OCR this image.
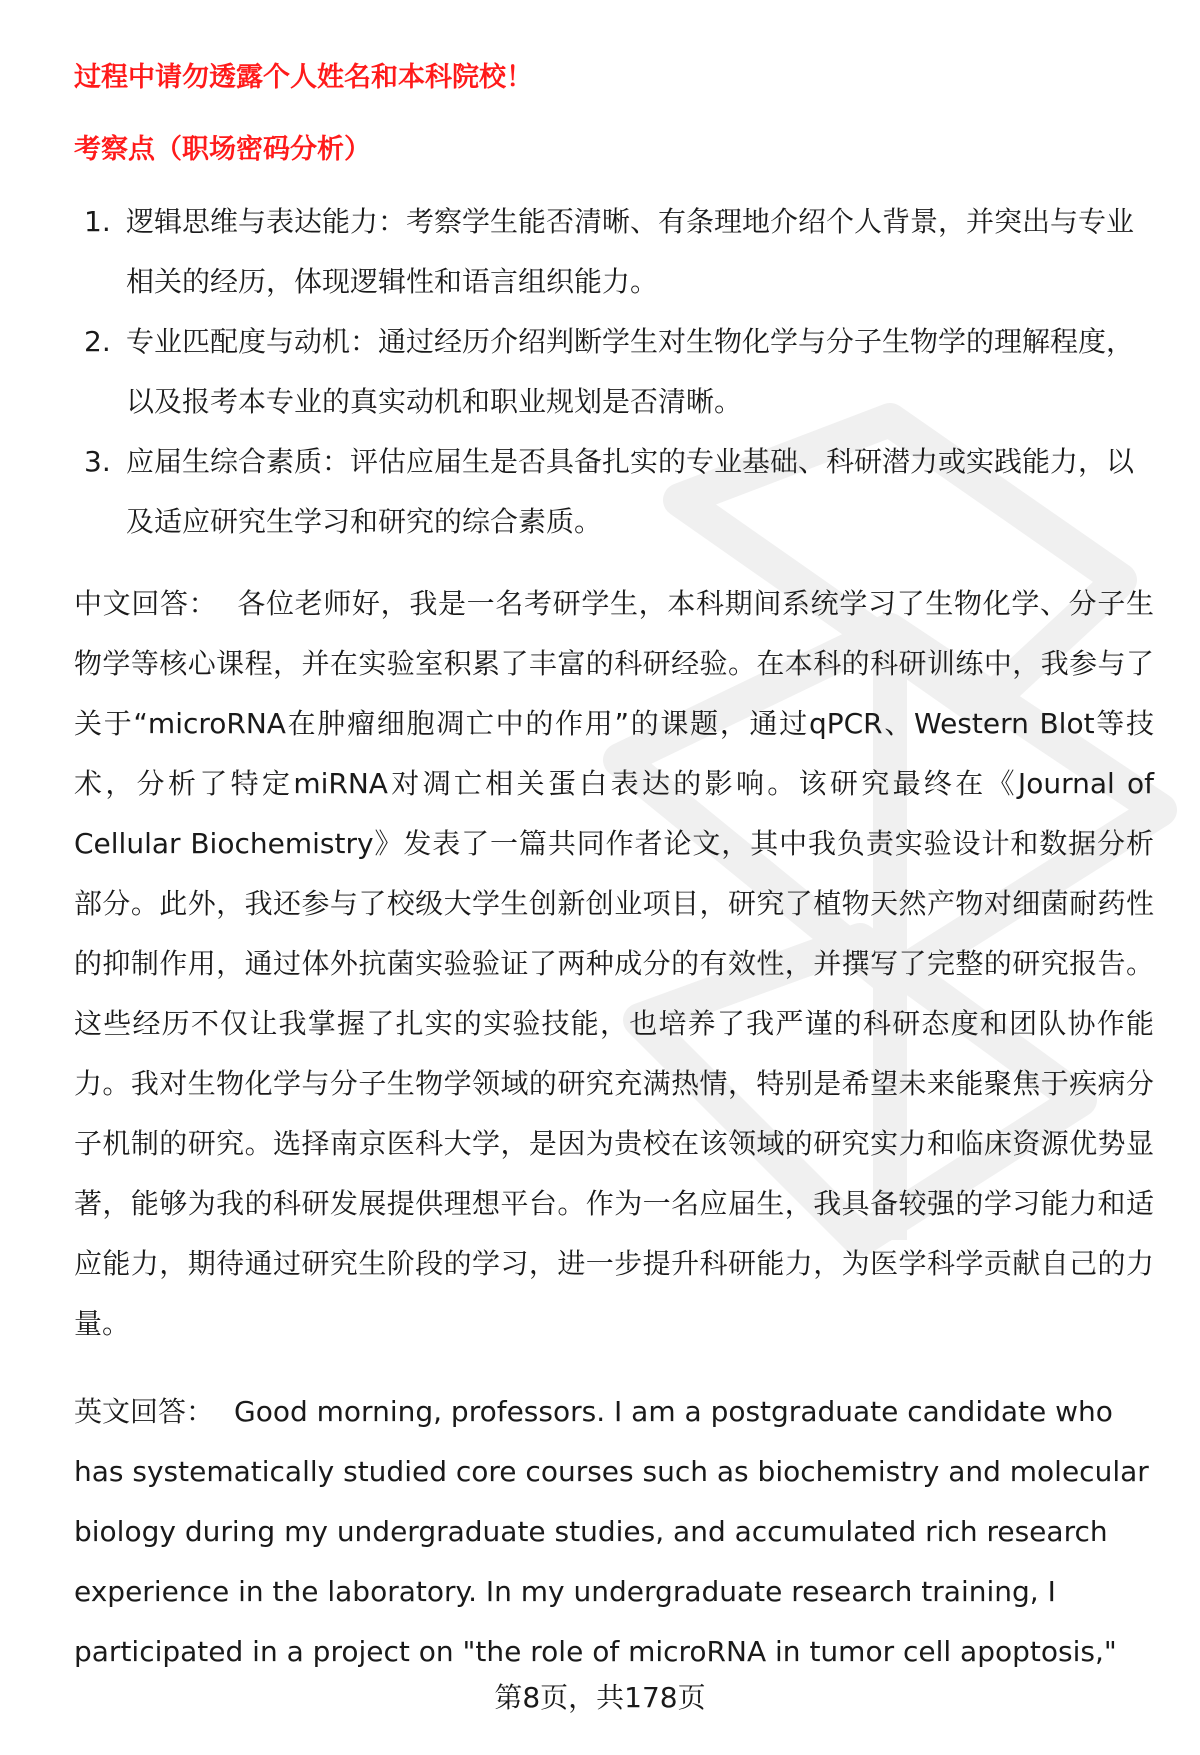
过程中请勿透露个人姓名和本科院校！

考察点（职场密码分析）

1. 逻辑思维与表达能力：考察学生能否清晰、有条理地介绍个人背景，并突出与专业相关的经历，体现逻辑性和语言组织能力。
2. 专业匹配度与动机：通过经历介绍判断学生对生物化学与分子生物学的理解程度，以及报考本专业的真实动机和职业规划是否清晰。
3. 应届生综合素质：评估应届生是否具备扎实的专业基础、科研潜力或实践能力，以及适应研究生学习和研究的综合素质。

中文回答： 各位老师好，我是一名考研学生，本科期间系统学习了生物化学、分子生物学等核心课程，并在实验室积累了丰富的科研经验。在本科的科研训练中，我参与了关于“microRNA在肿瘤细胞凋亡中的作用”的课题，通过qPCR、Western Blot等技术，分析了特定miRNA对凋亡相关蛋白表达的影响。该研究最终在《Journal of Cellular Biochemistry》发表了一篇共同作者论文，其中我负责实验设计和数据分析部分。此外，我还参与了校级大学生创新创业项目，研究了植物天然产物对细菌耐药性的抑制作用，通过体外抗菌实验验证了两种成分的有效性，并撰写了完整的研究报告。这些经历不仅让我掌握了扎实的实验技能，也培养了我严谨的科研态度和团队协作能力。我对生物化学与分子生物学领域的研究充满热情，特别是希望未来能聚焦于疾病分子机制的研究。选择南京医科大学，是因为贵校在该领域的研究实力和临床资源优势显著，能够为我的科研发展提供理想平台。作为一名应届生，我具备较强的学习能力和适应能力，期待通过研究生阶段的学习，进一步提升科研能力，为医学科学贡献自己的力量。

英文回答： Good morning, professors. I am a postgraduate candidate who has systematically studied core courses such as biochemistry and molecular biology during my undergraduate studies, and accumulated rich research experience in the laboratory. In my undergraduate research training, I participated in a project on "the role of microRNA in tumor cell apoptosis,"

第8页，共178页
